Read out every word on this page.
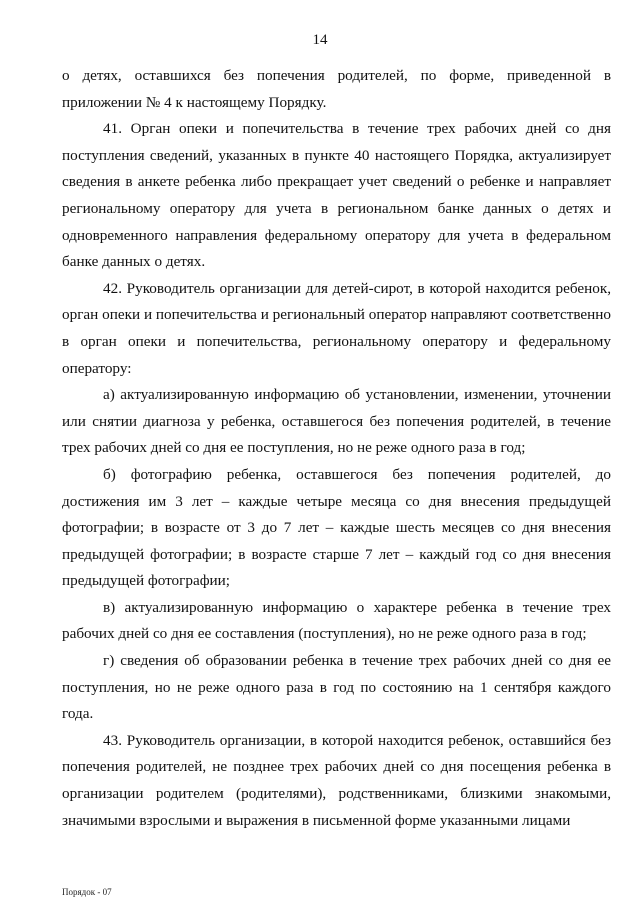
14

о детях, оставшихся без попечения родителей, по форме, приведенной в приложении № 4 к настоящему Порядку.

41. Орган опеки и попечительства в течение трех рабочих дней со дня поступления сведений, указанных в пункте 40 настоящего Порядка, актуализирует сведения в анкете ребенка либо прекращает учет сведений о ребенке и направляет региональному оператору для учета в региональном банке данных о детях и одновременного направления федеральному оператору для учета в федеральном банке данных о детях.

42. Руководитель организации для детей-сирот, в которой находится ребенок, орган опеки и попечительства и региональный оператор направляют соответственно в орган опеки и попечительства, региональному оператору и федеральному оператору:

а) актуализированную информацию об установлении, изменении, уточнении или снятии диагноза у ребенка, оставшегося без попечения родителей, в течение трех рабочих дней со дня ее поступления, но не реже одного раза в год;

б) фотографию ребенка, оставшегося без попечения родителей, до достижения им 3 лет – каждые четыре месяца со дня внесения предыдущей фотографии; в возрасте от 3 до 7 лет – каждые шесть месяцев со дня внесения предыдущей фотографии; в возрасте старше 7 лет – каждый год со дня внесения предыдущей фотографии;

в) актуализированную информацию о характере ребенка в течение трех рабочих дней со дня ее составления (поступления), но не реже одного раза в год;

г) сведения об образовании ребенка в течение трех рабочих дней со дня ее поступления, но не реже одного раза в год по состоянию на 1 сентября каждого года.

43. Руководитель организации, в которой находится ребенок, оставшийся без попечения родителей, не позднее трех рабочих дней со дня посещения ребенка в организации родителем (родителями), родственниками, близкими знакомыми, значимыми взрослыми и выражения в письменной форме указанными лицами

Порядок - 07
